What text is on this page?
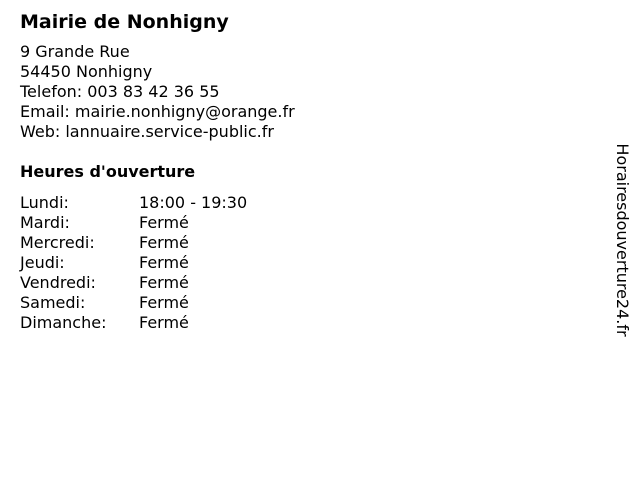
Mairie de Nonhigny
9 Grande Rue
54450 Nonhigny
Telefon: 003 83 42 36 55
Email: mairie.nonhigny@orange.fr
Web: lannuaire.service-public.fr
Heures d'ouverture
Lundi:	18:00 - 19:30
Mardi:	Fermé
Mercredi:	Fermé
Jeudi:	Fermé
Vendredi:	Fermé
Samedi:	Fermé
Dimanche:	Fermé	Horairesdouverture24.fr
